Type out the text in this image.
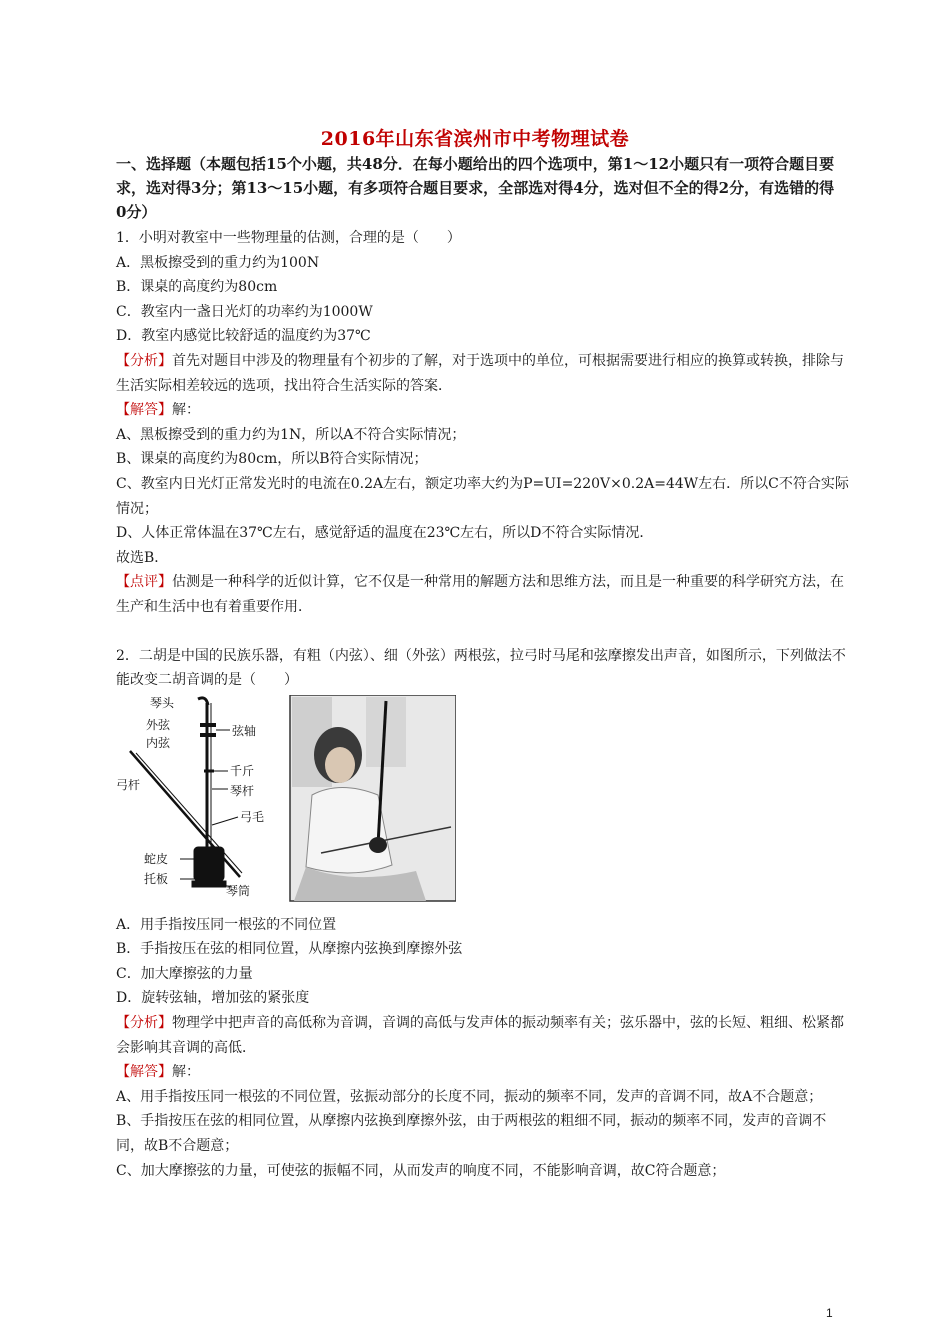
2016年山东省滨州市中考物理试卷
一、选择题（本题包括15个小题，共48分．在每小题给出的四个选项中，第1～12小题只有一项符合题目要求，选对得3分；第13～15小题，有多项符合题目要求，全部选对得4分，选对但不全的得2分，有选错的得0分）

1．小明对教室中一些物理量的估测，合理的是（　　）

A．黑板擦受到的重力约为100N

B．课桌的高度约为80cm

C．教室内一盏日光灯的功率约为1000W

D．教室内感觉比较舒适的温度约为37℃

【分析】首先对题目中涉及的物理量有个初步的了解，对于选项中的单位，可根据需要进行相应的换算或转换，排除与生活实际相差较远的选项，找出符合生活实际的答案．

【解答】解：

A、黑板擦受到的重力约为1N，所以A不符合实际情况；

B、课桌的高度约为80cm，所以B符合实际情况；

C、教室内日光灯正常发光时的电流在0.2A左右，额定功率大约为P=UI=220V×0.2A=44W左右．所以C不符合实际情况；

D、人体正常体温在37℃左右，感觉舒适的温度在23℃左右，所以D不符合实际情况．

故选B．

【点评】估测是一种科学的近似计算，它不仅是一种常用的解题方法和思维方法，而且是一种重要的科学研究方法，在生产和生活中也有着重要作用．

2．二胡是中国的民族乐器，有粗（内弦）、细（外弦）两根弦，拉弓时马尾和弦摩擦发出声音，如图所示，下列做法不能改变二胡音调的是（　　）

琴头
外弦
内弦
弦轴
弓杆
千斤
琴杆
弓毛
蛇皮
托板
琴筒

A．用手指按压同一根弦的不同位置

B．手指按压在弦的相同位置，从摩擦内弦换到摩擦外弦

C．加大摩擦弦的力量

D．旋转弦轴，增加弦的紧张度

【分析】物理学中把声音的高低称为音调，音调的高低与发声体的振动频率有关；弦乐器中，弦的长短、粗细、松紧都会影响其音调的高低．

【解答】解：

A、用手指按压同一根弦的不同位置，弦振动部分的长度不同，振动的频率不同，发声的音调不同，故A不合题意；

B、手指按压在弦的相同位置，从摩擦内弦换到摩擦外弦，由于两根弦的粗细不同，振动的频率不同，发声的音调不同，故B不合题意；

C、加大摩擦弦的力量，可使弦的振幅不同，从而发声的响度不同，不能影响音调，故C符合题意；

1
